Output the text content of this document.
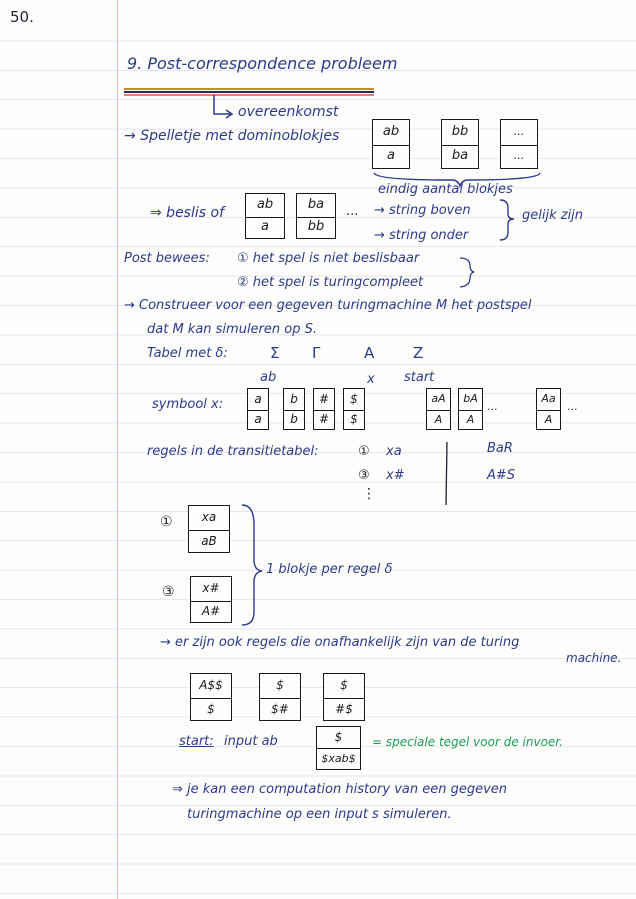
50.
9. Post-correspondence probleem
overeenkomst
→ Spelletje met dominoblokjes	ab
a
bb
ba
...
...
eindig aantal blokjes
⇒ beslis of
ab
a
ba
bb
... → string boven
→ string onder
gelijk zijn
Post bewees: ① het spel is niet beslisbaar
② het spel is turingcompleet
→ Construeer voor een gegeven turingmachine M het postspel
dat M kan simuleren op S.
Tabel met δ:	Σ Γ	A	Z
ab	x start
symbool x:	a
a
b
b
#
#
$
$
aA
A
bA
A
...
Aa
A
...
regels in de transitietabel:	① xa	BaR
③ x#	A#S
⋮
①	xa
aB
③	x#
A#
1 blokje per regel δ
→ er zijn ook regels die onafhankelijk zijn van de turing
machine.
A$$
$
$
$#
$
#$
start: input ab	$
$xab$
= speciale tegel voor de invoer.
⇒ je kan een computation history van een gegeven
turingmachine op een input s simuleren.
